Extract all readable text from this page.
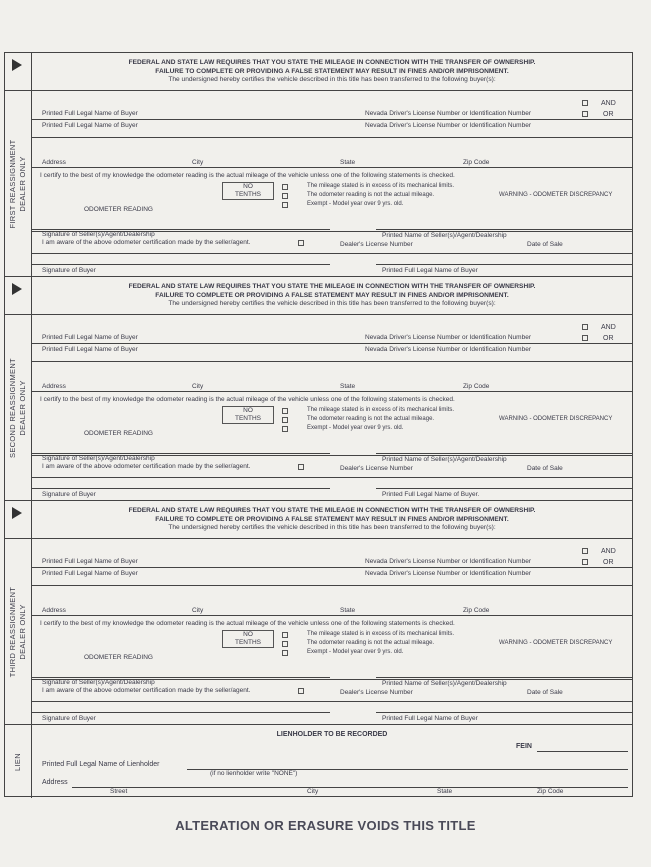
FEDERAL AND STATE LAW REQUIRES THAT YOU STATE THE MILEAGE IN CONNECTION WITH THE TRANSFER OF OWNERSHIP.
FAILURE TO COMPLETE OR PROVIDING A FALSE STATEMENT MAY RESULT IN FINES AND/OR IMPRISONMENT.
The undersigned hereby certifies the vehicle described in this title has been transferred to the following buyer(s):
FIRST REASSIGNMENT DEALER ONLY
Printed Full Legal Name of Buyer	Nevada Driver's License Number or Identification Number
AND
OR
Printed Full Legal Name of Buyer	Nevada Driver's License Number or Identification Number
Address	City	State	Zip Code
I certify to the best of my knowledge the odometer reading is the actual mileage of the vehicle unless one of the following statements is checked.
NO
TENTHS
The mileage stated is in excess of its mechanical limits.
The odometer reading is not the actual mileage.	WARNING - ODOMETER DISCREPANCY
Exempt - Model year over 9 yrs. old.
ODOMETER READING
Signature of Seller(s)/Agent/Dealership
I am aware of the above odometer certification made by the seller/agent.
Printed Name of Seller(s)/Agent/Dealership
Dealer's License Number	Date of Sale
Signature of Buyer	Printed Full Legal Name of Buyer
FEDERAL AND STATE LAW REQUIRES THAT YOU STATE THE MILEAGE IN CONNECTION WITH THE TRANSFER OF OWNERSHIP.
FAILURE TO COMPLETE OR PROVIDING A FALSE STATEMENT MAY RESULT IN FINES AND/OR IMPRISONMENT.
The undersigned hereby certifies the vehicle described in this title has been transferred to the following buyer(s):
SECOND REASSIGNMENT DEALER ONLY
Printed Full Legal Name of Buyer	Nevada Driver's License Number or Identification Number
AND
OR
Printed Full Legal Name of Buyer	Nevada Driver's License Number or Identification Number
Address	City	State	Zip Code
I certify to the best of my knowledge the odometer reading is the actual mileage of the vehicle unless one of the following statements is checked.
NO
TENTHS
The mileage stated is in excess of its mechanical limits.
The odometer reading is not the actual mileage.	WARNING - ODOMETER DISCREPANCY
Exempt - Model year over 9 yrs. old.
ODOMETER READING
Signature of Seller(s)/Agent/Dealership
I am aware of the above odometer certification made by the seller/agent.
Printed Name of Seller(s)/Agent/Dealership
Dealer's License Number	Date of Sale
Signature of Buyer	Printed Full Legal Name of Buyer.
FEDERAL AND STATE LAW REQUIRES THAT YOU STATE THE MILEAGE IN CONNECTION WITH THE TRANSFER OF OWNERSHIP.
FAILURE TO COMPLETE OR PROVIDING A FALSE STATEMENT MAY RESULT IN FINES AND/OR IMPRISONMENT.
The undersigned hereby certifies the vehicle described in this title has been transferred to the following buyer(s):
THIRD REASSIGNMENT DEALER ONLY
Printed Full Legal Name of Buyer	Nevada Driver's License Number or Identification Number
AND
OR
Printed Full Legal Name of Buyer	Nevada Driver's License Number or Identification Number
Address	City	State	Zip Code
I certify to the best of my knowledge the odometer reading is the actual mileage of the vehicle unless one of the following statements is checked.
NO
TENTHS
The mileage stated is in excess of its mechanical limits.
The odometer reading is not the actual mileage.	WARNING - ODOMETER DISCREPANCY
Exempt - Model year over 9 yrs. old.
ODOMETER READING
Signature of Seller(s)/Agent/Dealership
I am aware of the above odometer certification made by the seller/agent.
Printed Name of Seller(s)/Agent/Dealership
Dealer's License Number	Date of Sale
Signature of Buyer	Printed Full Legal Name of Buyer
LIEN
LIENHOLDER TO BE RECORDED
FEIN
Printed Full Legal Name of Lienholder
(if no lienholder write "NONE")
Address
Street	City	State	Zip Code
ALTERATION OR ERASURE VOIDS THIS TITLE
